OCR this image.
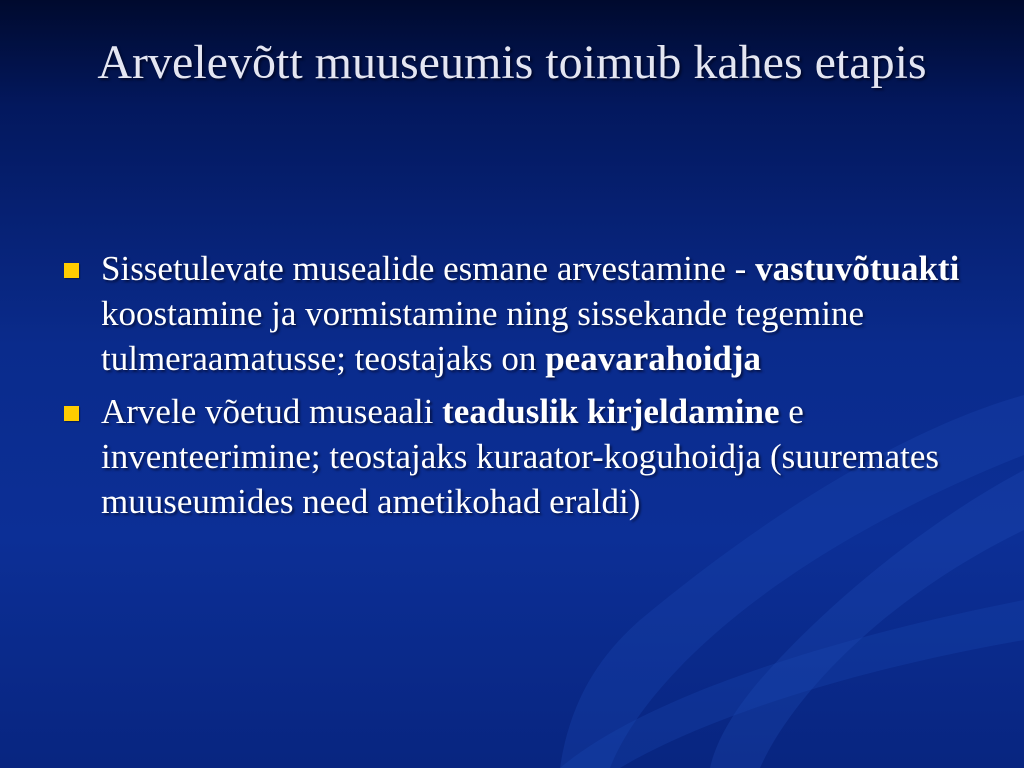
Arvelevõtt muuseumis toimub kahes etapis
Sissetulevate musealide esmane arvestamine - vastuvõtuakti koostamine ja vormistamine ning sissekande tegemine tulmeraamatusse; teostajaks on peavarahoidja
Arvele võetud museaali teaduslik kirjeldamine e inventeerimine; teostajaks kuraator-koguhoidja (suuremates muuseumides need ametikohad eraldi)
